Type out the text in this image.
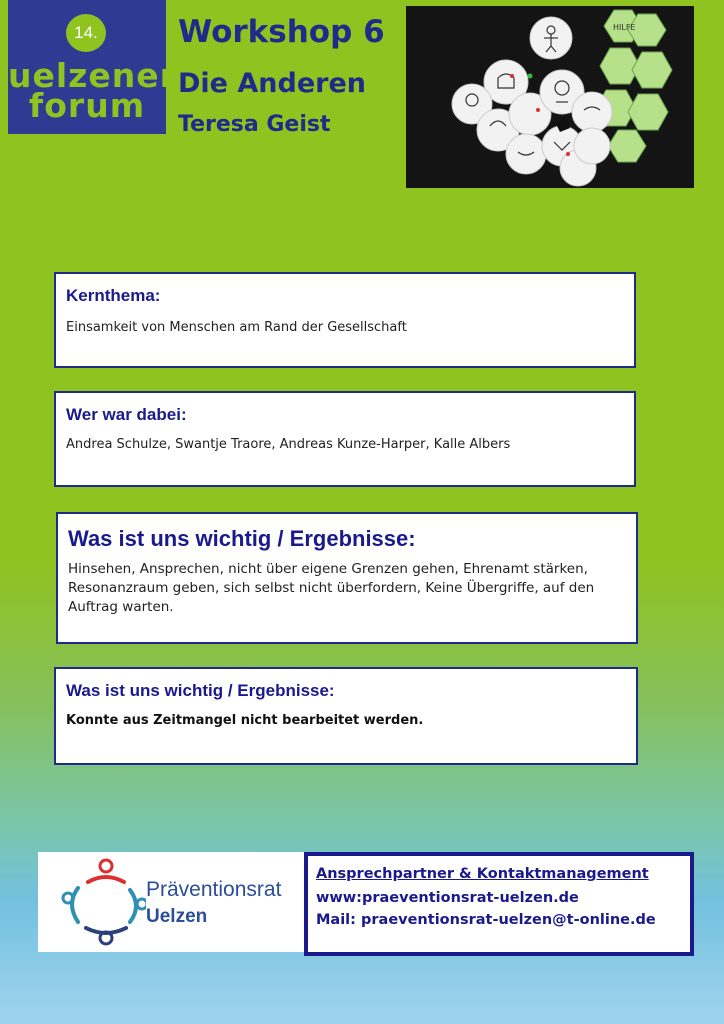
14.
uelzener
forum
Workshop 6
Die Anderen
Teresa Geist
HILFE
Kernthema:

Einsamkeit von Menschen am Rand der Gesellschaft

Wer war dabei:

Andrea Schulze, Swantje Traore, Andreas Kunze-Harper, Kalle Albers

Was ist uns wichtig / Ergebnisse:

Hinsehen, Ansprechen, nicht über eigene Grenzen gehen, Ehrenamt stärken, Resonanzraum geben, sich selbst nicht überfordern, Keine Übergriffe, auf den Auftrag warten.

Was ist uns wichtig / Ergebnisse:

Konnte aus Zeitmangel nicht bearbeitet werden.

Präventionsrat
Uelzen
Ansprechpartner & Kontaktmanagement
www:praeventionsrat-uelzen.de
Mail: praeventionsrat-uelzen@t-online.de
